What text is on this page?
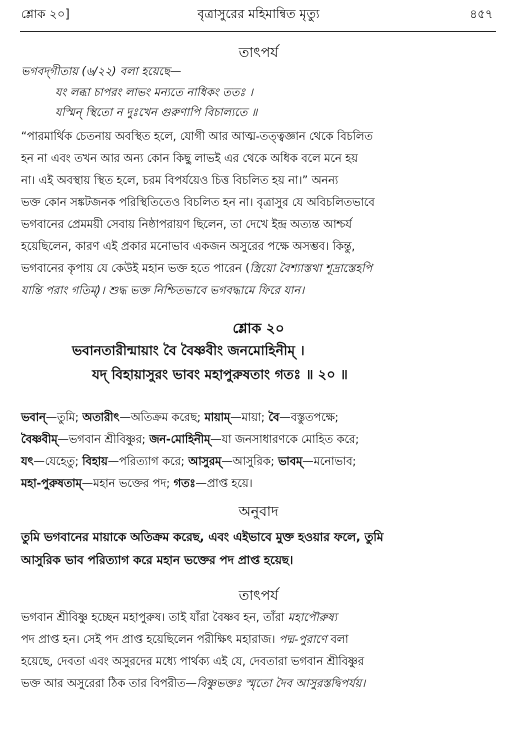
শ্লোক ২০]	বৃত্রাসুরের মহিমান্বিত মৃত্যু	৪৫৭
তাৎপর্য
ভগবদ্‌গীতায় (৬/২২) বলা হয়েছে—
যং লব্ধা চাপরং লাভং মন্যতে নাধিকং ততঃ ।
যস্মিন্‌ স্থিতো ন দুঃখেন গুরুণাপি বিচাল্যতে ॥
“পারমার্থিক চেতনায় অবস্থিত হলে, যোগী আর আত্ম-তত্ত্বজ্ঞান থেকে বিচলিত
হন না এবং তখন আর অন্য কোন কিছু লাভই এর থেকে অধিক বলে মনে হয়
না। এই অবস্থায় স্থিত হলে, চরম বিপর্যয়েও চিত্ত বিচলিত হয় না।” অনন্য
ভক্ত কোন সঙ্কটজনক পরিস্থিতিতেও বিচলিত হন না। বৃত্রাসুর যে অবিচলিতভাবে
ভগবানের প্রেমময়ী সেবায় নিষ্ঠাপরায়ণ ছিলেন, তা দেখে ইন্দ্র অত্যন্ত আশ্চর্য
হয়েছিলেন, কারণ এই প্রকার মনোভাব একজন অসুরের পক্ষে অসম্ভব। কিন্তু,
ভগবানের কৃপায় যে কেউই মহান ভক্ত হতে পারেন (স্ত্রিয়ো বৈশ্যাস্তথা শূদ্রাস্তেহপি
যান্তি পরাং গতিম্‌)। শুদ্ধ ভক্ত নিশ্চিতভাবে ভগবদ্ধামে ফিরে যান।
শ্লোক ২০
ভবানতারীন্মায়াং বৈ বৈষ্ণবীং জনমোহিনীম্‌ ।
যদ্‌ বিহায়াসুরং ভাবং মহাপুরুষতাং গতঃ ॥ ২০ ॥
ভবান্‌—তুমি; অতারীৎ—অতিক্রম করেছ; মায়াম্‌—মায়া; বৈ—বস্তুতপক্ষে;
বৈষ্ণবীম্‌—ভগবান শ্রীবিষ্ণুর; জন-মোহিনীম্‌—যা জনসাধারণকে মোহিত করে;
যৎ—যেহেতু; বিহায়—পরিত্যাগ করে; আসুরম্‌—আসুরিক; ভাবম্‌—মনোভাব;
মহা-পুরুষতাম্‌—মহান ভক্তের পদ; গতঃ—প্রাপ্ত হয়ে।
অনুবাদ
তুমি ভগবানের মায়াকে অতিক্রম করেছ, এবং এইভাবে মুক্ত হওয়ার ফলে, তুমি
আসুরিক ভাব পরিত্যাগ করে মহান ভক্তের পদ প্রাপ্ত হয়েছ।
তাৎপর্য
ভগবান শ্রীবিষ্ণু হচ্ছেন মহাপুরুষ। তাই যাঁরা বৈষ্ণব হন, তাঁরা মহাপৌরুষ্য
পদ প্রাপ্ত হন। সেই পদ প্রাপ্ত হয়েছিলেন পরীক্ষিৎ মহারাজ। পদ্ম-পুরাণে বলা
হয়েছে, দেবতা এবং অসুরদের মধ্যে পার্থক্য এই যে, দেবতারা ভগবান শ্রীবিষ্ণুর
ভক্ত আর অসুরেরা ঠিক তার বিপরীত—বিষ্ণুভক্তঃ স্মৃতো দৈব আসুরস্তদ্বিপর্যয়।
